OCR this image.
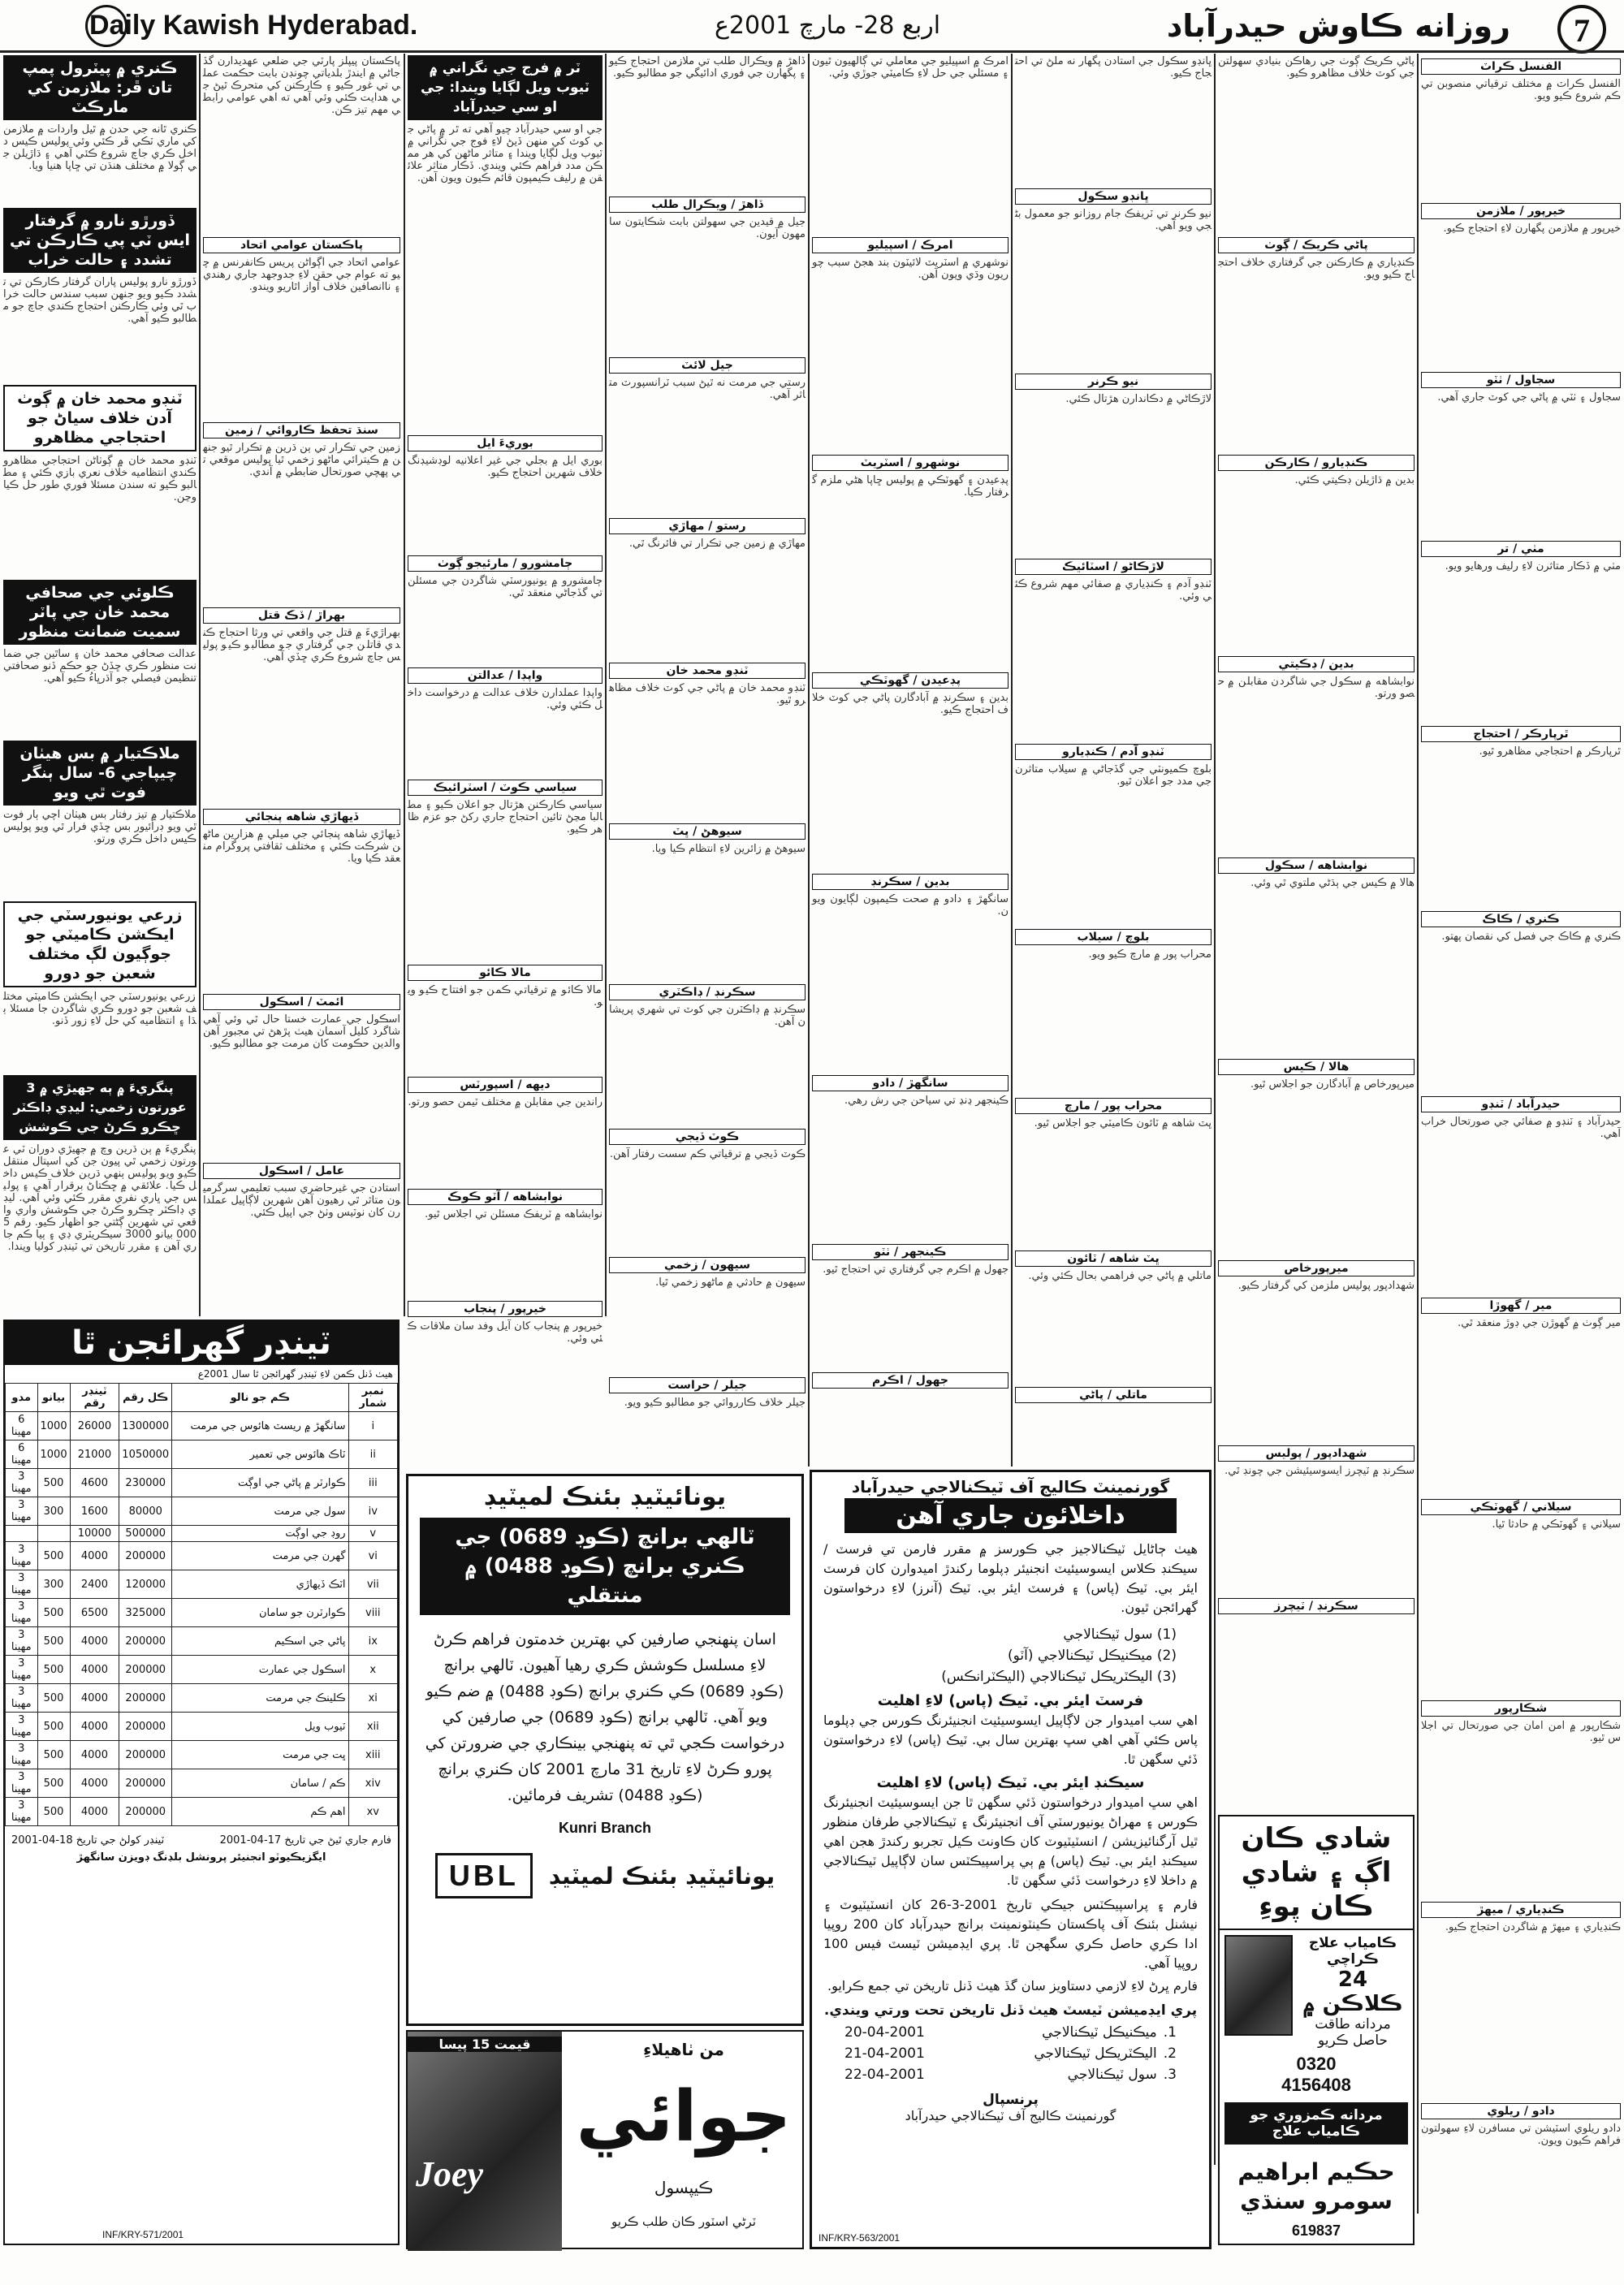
Daily Kawish Hyderabad.	اربع 28- مارچ 2001ع	روزانه ڪاوش حيدرآباد	7
ڪنري ۾ پيٽرول پمپ تان ڦر: ملازمن کي مارڪٽ
ڪنري ٿانه جي حدن ۾ ٿيل واردات ۾ ملازمن کي ماري ٽڪي ڦر ڪئي وئي پوليس ڪيس داخل ڪري جاچ شروع ڪئي آهي ۽ ڌاڙيلن جي ڳولا ۾ مختلف هنڌن تي ڇاپا هنيا ويا.
ڏورڙو نارو ۾ گرفتار ايس ٽي پي ڪارڪن تي تشدد ۽ حالت خراب
ڏورڙو نارو پوليس پاران گرفتار ڪارڪن تي تشدد ڪيو ويو جنهن سبب سندس حالت خراب ٿي وئي ڪارڪنن احتجاج ڪندي جاچ جو مطالبو ڪيو آهي.
ٽنڊو محمد خان ۾ ڳوٺ آدن خلاف سياڻ جو احتجاجي مظاهرو
ٽنڊو محمد خان ۾ ڳوٺاڻن احتجاجي مظاهرو ڪندي انتظاميه خلاف نعري بازي ڪئي ۽ مطالبو ڪيو ته سندن مسئلا فوري طور حل ڪيا وڃن.
ڪلوئي جي صحافي محمد خان جي پاٽر سميت ضمانت منظور
عدالت صحافي محمد خان ۽ ساٿين جي ضمانت منظور ڪري ڇڏڻ جو حڪم ڏنو صحافتي تنظيمن فيصلي جو آڌرڀاءُ ڪيو آهي.
ملاڪتيار ۾ بس هيٺان چيپاجي 6- سال ٻنگر فوت ٿي ويو
ملاڪتيار ۾ تيز رفتار بس هيٺان اچي ٻار فوت ٿي ويو ڊرائيور بس ڇڏي فرار ٿي ويو پوليس ڪيس داخل ڪري ورتو.
زرعي يونيورسٽي جي ايڪشن ڪاميٽي جو جوڳيون لڳ مختلف شعبن جو دورو
زرعي يونيورسٽي جي ايڪشن ڪاميٽي مختلف شعبن جو دورو ڪري شاگردن جا مسئلا ٻڌا ۽ انتظاميه کي حل لاءِ زور ڏنو.
پنگريءَ ۾ ٻه جهيڙي ۾ 3 عورتون زخمي: ليڊي ڊاڪٽر ڇڪرو ڪرڻ جي ڪوشش
پنگريءَ ۾ ٻن ڌرين وچ ۾ جهيڙي دوران ٽي عورتون زخمي ٿي پيون جن کي اسپتال منتقل ڪيو ويو پوليس ٻنهي ڌرين خلاف ڪيس داخل ڪيا. علائقي ۾ ڇڪتاڻ برقرار آهي ۽ پوليس جي ڀاري نفري مقرر ڪئي وئي آهي. ليڊي ڊاڪٽر ڇڪرو ڪرڻ جي ڪوشش واري واقعي تي شهرين ڳڻتي جو اظهار ڪيو. رقم 5000 بيانو 3000 سيڪريٽري ڊي ۽ ٻيا ڪم جاري آهن ۽ مقرر تاريخن تي ٽينڊر کوليا ويندا.
پاڪستان پيپلز پارٽي جي ضلعي عهديدارن گڏجاڻي ۾ ايندڙ بلدياتي چونڊن بابت حڪمت عملي تي غور ڪيو ۽ ڪارڪنن کي متحرڪ ٿيڻ جي هدايت ڪئي وئي آهي ته اهي عوامي رابطي مهم تيز ڪن.
پاڪستان عوامي اتحاد
عوامي اتحاد جي اڳواڻن پريس ڪانفرنس ۾ چيو ته عوام جي حقن لاءِ جدوجهد جاري رهندي ۽ ناانصافين خلاف آواز اٿاريو ويندو.
سنڌ تحفظ ڪاروائي / زمين
زمين جي تڪرار تي ٻن ڌرين ۾ تڪرار ٿيو جنهن ۾ ڪيترائي ماڻهو زخمي ٿيا پوليس موقعي تي پهچي صورتحال ضابطي ۾ آندي.
بهراڙ / ڏڪ قتل
بهراڙيءَ ۾ قتل جي واقعي تي ورثا احتجاج ڪندي قاتلن جي گرفتاري جو مطالبو ڪيو پوليس جاچ شروع ڪري ڇڏي آهي.
ڏيهاڙي شاهه پنجائي
ڏيهاڙي شاهه پنجائي جي ميلي ۾ هزارين ماڻهن شرڪت ڪئي ۽ مختلف ثقافتي پروگرام منعقد ڪيا ويا.
ائمٽ / اسڪول
اسڪول جي عمارت خستا حال ٿي وئي آهي شاگرد کليل آسمان هيٺ پڙهڻ تي مجبور آهن والدين حڪومت کان مرمت جو مطالبو ڪيو.
عامل / اسڪول
استادن جي غيرحاضري سبب تعليمي سرگرميون متاثر ٿي رهيون آهن شهرين لاڳاپيل عملدارن کان نوٽيس وٺڻ جي اپيل ڪئي.
ٽر ۾ فرج جي نگراني ۾ ٽيوب ويل لڳايا ويندا: جي او سي حيدرآباد
جي او سي حيدرآباد چيو آهي ته ٿر ۾ پاڻي جي کوٽ کي منهن ڏيڻ لاءِ فوج جي نگراني ۾ ٽيوب ويل لڳايا ويندا ۽ متاثر ماڻهن کي هر ممڪن مدد فراهم ڪئي ويندي. ڏڪار متاثر علائقن ۾ رليف ڪيمپون قائم ڪيون ويون آهن.
بوريءَ ايل
بوري ايل ۾ بجلي جي غير اعلانيه لوڊشيڊنگ خلاف شهرين احتجاج ڪيو.
ڄامشورو / مارئيجو ڳوٺ
ڄامشورو ۾ يونيورسٽي شاگردن جي مسئلن تي گڏجاڻي منعقد ٿي.
واپڊا / عدالتن
واپڊا عملدارن خلاف عدالت ۾ درخواست داخل ڪئي وئي.
سياسي ڪوٽ / اسٽرائيڪ
سياسي ڪارڪنن هڙتال جو اعلان ڪيو ۽ مطالبا مڃڻ تائين احتجاج جاري رکڻ جو عزم ظاهر ڪيو.
مالا ڪائو
مالا ڪائو ۾ ترقياتي ڪمن جو افتتاح ڪيو ويو.
ديهه / اسپورٽس
راندين جي مقابلن ۾ مختلف ٽيمن حصو ورتو.
نوابشاهه / آٽو ڪوڪ
نوابشاهه ۾ ٽريفڪ مسئلن تي اجلاس ٿيو.
خيرپور / پنجاب
خيرپور ۾ پنجاب کان آيل وفد سان ملاقات ڪئي وئي.
ڏاهڙ ۾ ويڪرال طلب تي ملازمن احتجاج ڪيو ۽ پگهارن جي فوري ادائيگي جو مطالبو ڪيو.
ڏاهڙ / ويڪرال طلب
جيل ۾ قيدين جي سهولتن بابت شڪايتون سامهون آيون.
جيل لائٽ
رستي جي مرمت نه ٿيڻ سبب ٽرانسپورٽ متاثر آهي.
رستو / مهاڙي
مهاڙي ۾ زمين جي تڪرار تي فائرنگ ٿي.
ٽنڊو محمد خان
ٽنڊو محمد خان ۾ پاڻي جي کوٽ خلاف مظاهرو ٿيو.
سيوهڻ / ڀٽ
سيوهڻ ۾ زائرين لاءِ انتظام ڪيا ويا.
سڪرنڊ / ڊاڪٽري
سڪرنڊ ۾ ڊاڪٽرن جي کوٽ تي شهري پريشان آهن.
ڪوٽ ڏيجي
ڪوٽ ڏيجي ۾ ترقياتي ڪم سست رفتار آهن.
سيهون / زخمي
سيهون ۾ حادثي ۾ ماڻهو زخمي ٿيا.
جيلر / حراست
جيلر خلاف ڪارروائي جو مطالبو ڪيو ويو.
امرڪ ۾ اسپيليو جي معاملي تي ڳالهيون ٿيون ۽ مسئلي جي حل لاءِ ڪاميٽي جوڙي وئي.
امرڪ / اسپيليو
نوشهري ۾ اسٽريٽ لائيٽون بند هجڻ سبب چوريون وڌي ويون آهن.
نوشهرو / اسٽريٽ
پڊعيدن ۽ گهوٽڪي ۾ پوليس ڇاپا هڻي ملزم گرفتار ڪيا.
پڊعيدن / گهوٽڪي
بدين ۽ سڪرنڊ ۾ آبادگارن پاڻي جي کوٽ خلاف احتجاج ڪيو.
بدين / سڪرنڊ
سانگهڙ ۽ دادو ۾ صحت ڪيمپون لڳايون ويون.
سانگهڙ / دادو
ڪينجهر ڍنڍ تي سياحن جي رش رهي.
ڪينجهر / ٺٽو
جهول ۾ اڪرم جي گرفتاري تي احتجاج ٿيو.
جهول / اڪرم
ڀانڊو سڪول جي استادن پگهار نه ملڻ تي احتجاج ڪيو.
ڀانڊو سڪول
نيو ڪرنر تي ٽريفڪ جام روزانو جو معمول بڻجي ويو آهي.
نيو ڪرنر
لاڙڪاڻي ۾ دڪاندارن هڙتال ڪئي.
لاڙڪاڻو / اسٽائيڪ
ٽنڊو آدم ۽ ڪنڊياري ۾ صفائي مهم شروع ڪئي وئي.
ٽنڊو آدم / ڪنڊيارو
بلوچ ڪميونٽي جي گڏجاڻي ۾ سيلاب متاثرن جي مدد جو اعلان ٿيو.
بلوچ / سيلاب
محراب پور ۾ مارچ ڪيو ويو.
محراب پور / مارچ
ڀٽ شاهه ۾ ٽائون ڪاميٽي جو اجلاس ٿيو.
ڀٽ شاهه / ٽائون
ماتلي ۾ پاڻي جي فراهمي بحال ڪئي وئي.
ماتلي / پاڻي
پاڻي ڪريڪ ڳوٺ جي رهاڪن بنيادي سهولتن جي کوٽ خلاف مظاهرو ڪيو.
پاڻي ڪريڪ / ڳوٺ
ڪنڊياري ۾ ڪارڪنن جي گرفتاري خلاف احتجاج ڪيو ويو.
ڪنڊيارو / ڪارڪن
بدين ۾ ڌاڙيلن ڊڪيتي ڪئي.
بدين / ڊڪيتي
نوابشاهه ۾ سڪول جي شاگردن مقابلن ۾ حصو ورتو.
نوابشاهه / سڪول
هالا ۾ ڪيس جي ٻڌڻي ملتوي ٿي وئي.
هالا / ڪيس
ميرپورخاص ۾ آبادگارن جو اجلاس ٿيو.
ميرپورخاص
شهدادپور پوليس ملزمن کي گرفتار ڪيو.
شهدادپور / پوليس
سڪرنڊ ۾ ٽيچرز ايسوسيئيشن جي چونڊ ٿي.
سڪرنڊ / ٽيچرز
الفنسل ڪراٽ
الفنسل ڪراٽ ۾ مختلف ترقياتي منصوبن تي ڪم شروع ڪيو ويو.
خيرپور / ملازمن
خيرپور ۾ ملازمن پگهارن لاءِ احتجاج ڪيو.
سجاول / ٺٽو
سجاول ۽ ٺٽي ۾ پاڻي جي کوٽ جاري آهي.
مٺي / تر
مٺي ۾ ڏڪار متاثرن لاءِ رليف ورهايو ويو.
ٿرپارڪر / احتجاج
ٿرپارڪر ۾ احتجاجي مظاهرو ٿيو.
ڪنري / ڪاڪ
ڪنري ۾ ڪاڪ جي فصل کي نقصان پهتو.
حيدرآباد / ٽنڊو
حيدرآباد ۽ ٽنڊو ۾ صفائي جي صورتحال خراب آهي.
مير / گهوڙا
مير ڳوٺ ۾ گهوڙن جي ڊوڙ منعقد ٿي.
سيلاني / گهوٽڪي
سيلاني ۽ گهوٽڪي ۾ حادثا ٿيا.
شڪارپور
شڪارپور ۾ امن امان جي صورتحال تي اجلاس ٿيو.
ڪنڊياري / ميهڙ
ڪنڊياري ۽ ميهڙ ۾ شاگردن احتجاج ڪيو.
دادو / ريلوي
دادو ريلوي اسٽيشن تي مسافرن لاءِ سهولتون فراهم ڪيون ويون.
ٽينڊر گهرائجن ٿا
هيٺ ڏنل ڪمن لاءِ ٽينڊر گهرائجن ٿا سال 2001ع
نمبر شمار	ڪم جو نالو	ڪل رقم	ٽينڊر رقم	بيانو	مدو
i	سانگهڙ ۾ ريسٽ هائوس جي مرمت	1300000	26000	1000	6 مهينا
ii	ٽاڪ هائوس جي تعمير	1050000	21000	1000	6 مهينا
iii	ڪوارٽر ۾ پاڻي جي اوڳت	230000	4600	500	3 مهينا
iv	سول جي مرمت	80000	1600	300	3 مهينا
v	روڊ جي اوڳت	500000	10000		
vi	گهرن جي مرمت	200000	4000	500	3 مهينا
vii	اٽڪ ڏيهاڙي	120000	2400	300	3 مهينا
viii	ڪوارٽرن جو سامان	325000	6500	500	3 مهينا
ix	پاڻي جي اسڪيم	200000	4000	500	3 مهينا
x	اسڪول جي عمارت	200000	4000	500	3 مهينا
xi	ڪلينڪ جي مرمت	200000	4000	500	3 مهينا
xii	ٽيوب ويل	200000	4000	500	3 مهينا
xiii	ڀت جي مرمت	200000	4000	500	3 مهينا
xiv	ڪم / سامان	200000	4000	500	3 مهينا
xv	اهم ڪم	200000	4000	500	3 مهينا
فارم جاري ٿيڻ جي تاريخ 17-04-2001
ٽينڊر کولڻ جي تاريخ 18-04-2001
ايگزيڪيوٽو انجنيئر پرونشل بلڊنگ ڊويزن سانگهڙ
INF/KRY-571/2001
يونائيٽيڊ بئنڪ لميٽيڊ
ٽالهي برانچ (ڪوڊ 0689) جي
ڪنري برانچ (ڪوڊ 0488) ۾ منتقلي
اسان پنهنجي صارفين کي بهترين خدمتون فراهم ڪرڻ لاءِ مسلسل ڪوشش ڪري رهيا آهيون. ٽالهي برانچ (ڪوڊ 0689) ڪي ڪنري برانچ (ڪوڊ 0488) ۾ ضم ڪيو ويو آهي. ٽالهي برانچ (ڪوڊ 0689) جي صارفين کي درخواست ڪجي ٿي ته پنهنجي بينڪاري جي ضرورتن کي پورو ڪرڻ لاءِ تاريخ 31 مارچ 2001 کان ڪنري برانچ (ڪوڊ 0488) تشريف فرمائين.
Kunri Branch
UBL	يونائيٽيڊ بئنڪ لميٽيڊ
قيمت 15 پيسا
Joey
من ٺاهيلاءِ
جوائي
ڪيپسول
ٽرڻي اسٽور ڪان طلب ڪريو
گورنمينٽ ڪاليج آف ٽيڪنالاجي حيدرآباد
داخلائون جاري آهن
هيٺ ڄاڻايل ٽيڪنالاجيز جي ڪورسز ۾ مقرر فارمن تي فرسٽ / سيڪنڊ ڪلاس ايسوسيئيٽ انجنيئر ڊپلوما رکندڙ اميدوارن کان فرسٽ ايئر بي. ٽيڪ (پاس) ۽ فرسٽ ايئر بي. ٽيڪ (آنرز) لاءِ درخواستون گهرائجن ٿيون.
(1) سول ٽيڪنالاجي
(2) ميڪنيڪل ٽيڪنالاجي (آٽو)
(3) اليڪٽريڪل ٽيڪنالاجي (اليڪٽرانڪس)
فرسٽ ايئر بي. ٽيڪ (پاس) لاءِ اهليت
اهي سب اميدوار جن لاڳاپيل ايسوسيئيٽ انجنيئرنگ ڪورس جي ڊپلوما پاس ڪئي آهي اهي سڀ بهترين سال بي. ٽيڪ (پاس) لاءِ درخواستون ڏئي سگهن ٿا.
سيڪنڊ ايئر بي. ٽيڪ (پاس) لاءِ اهليت
اهي سڀ اميدوار درخواستون ڏئي سگهن ٿا جن ايسوسيئيٽ انجنيئرنگ ڪورس ۽ مهراڻ يونيورسٽي آف انجنيئرنگ ۽ ٽيڪنالاجي طرفان منظور ٿيل آرگنائيزيشن / انسٽيٽيوٽ کان ڪاونٽ ڪيل تجربو رکندڙ هجن اهي سيڪنڊ ايئر بي. ٽيڪ (پاس) ۾ ٻي پراسپيڪٽس سان لاڳاپيل ٽيڪنالاجي ۾ داخلا لاءِ درخواست ڏئي سگهن ٿا.
فارم ۽ پراسپيڪٽس جيڪي تاريخ 2001-3-26 کان انسٽيٽيوٽ ۽ نيشنل بئنڪ آف پاڪستان ڪينٽونمينٽ برانچ حيدرآباد کان 200 روپيا ادا ڪري حاصل ڪري سگهجن ٿا. پري ايڊميشن ٽيسٽ فيس 100 روپيا آهي.
فارم ڀرڻ لاءِ لازمي دستاويز سان گڏ هيٺ ڏنل تاريخن تي جمع ڪرايو.
پري ايڊميشن ٽيسٽ هيٺ ڏنل تاريخن تحت ورتي ويندي.
1.
ميڪنيڪل ٽيڪنالاجي
20-04-2001
2.
اليڪٽريڪل ٽيڪنالاجي
21-04-2001
3.
سول ٽيڪنالاجي
22-04-2001
پرنسپال
گورنمينٽ ڪاليج آف ٽيڪنالاجي حيدرآباد
INF/KRY-563/2001
شادي ڪان اڳ ۽ شادي ڪان پوءِ
ڪامياب علاج ڪراچي
24 ڪلاڪن ۾
مردانه طاقت حاصل ڪريو
0320
4156408
مردانه ڪمزوري جو ڪامياب علاج
حڪيم ابراهيم سومرو سنڌي
619837
